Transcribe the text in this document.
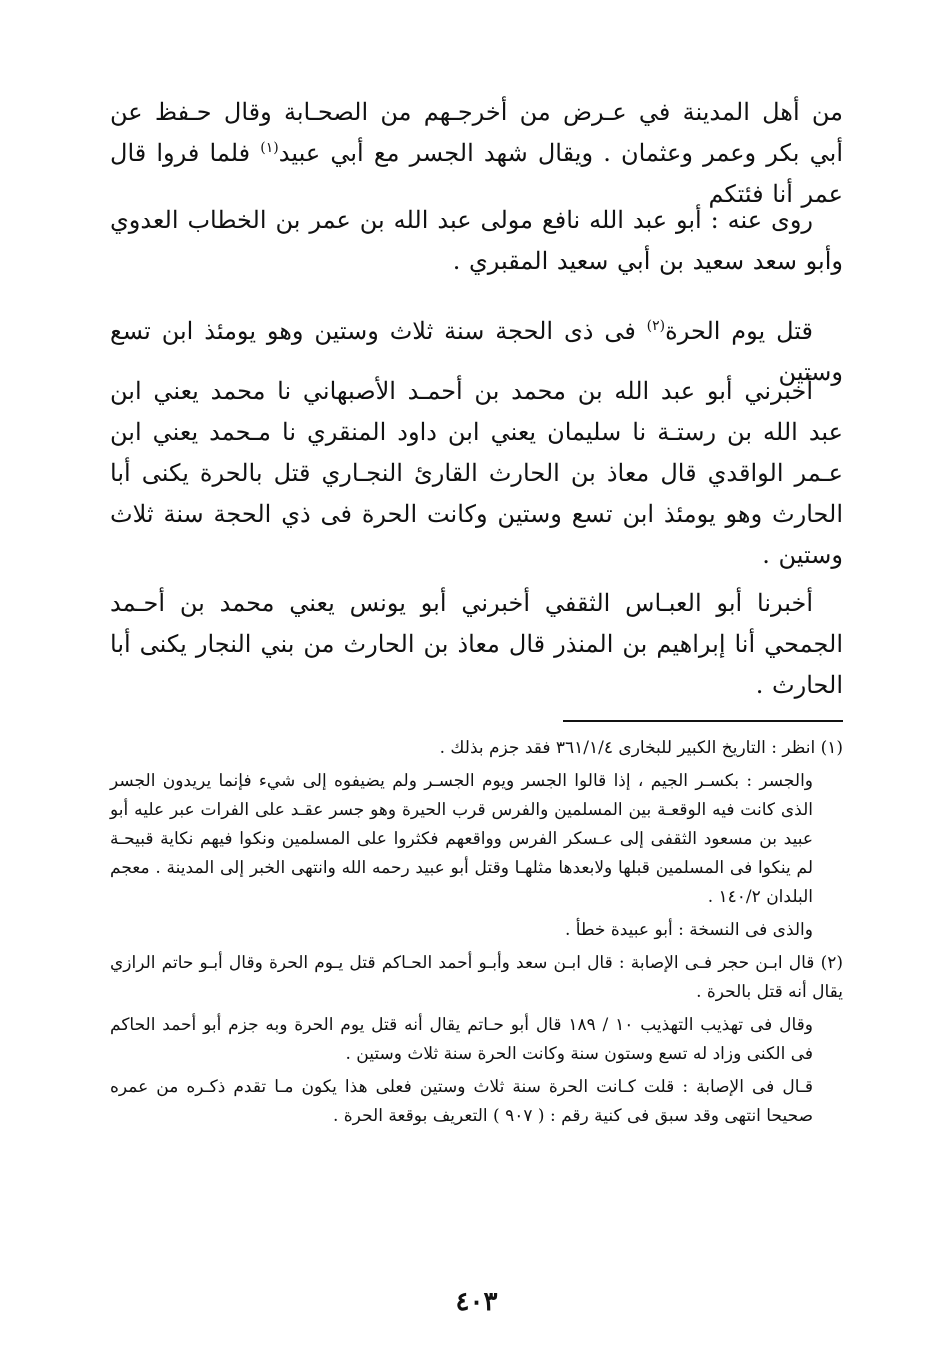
من أهل المدينة في عـرض من أخرجـهم من الصحـابة وقال حـفظ عن أبي بكر وعمر وعثمان . ويقال شهد الجسر مع أبي عبيد$^{(١)}$ فلما فروا قال عمر أنا فئتكم

روى عنه : أبو عبد الله نافع مولى عبد الله بن عمر بن الخطاب العدوي وأبو سعد سعيد بن أبي سعيد المقبري .

قتل يوم الحرة$^{(٢)}$ فى ذى الحجة سنة ثلاث وستين وهو يومئذ ابن تسع وستين

أخبرني أبو عبد الله بن محمد بن أحمـد الأصبهاني نا محمد يعني ابن عبد الله بن رستـة نا سليمان يعني ابن داود المنقري نا مـحمد يعني ابن عـمر الواقدي قال معاذ بن الحارث القارئ النجـاري قتل بالحرة يكنى أبا الحارث وهو يومئذ ابن تسع وستين وكانت الحرة فى ذي الحجة سنة ثلاث وستين .

أخبرنا أبو العبـاس الثقفي أخبرني أبو يونس يعني محمد بن أحـمد الجمحي أنا إبراهيم بن المنذر قال معاذ بن الحارث من بني النجار يكنى أبا الحارث .

(١) انظر : التاريخ الكبير للبخارى ٣٦١/١/٤ فقد جزم بذلك .

والجسر : بكسـر الجيم ، إذا قالوا الجسر ويوم الجسـر ولم يضيفوه إلى شيء فإنما يريدون الجسر الذى كانت فيه الوقعـة بين المسلمين والفرس قرب الحيرة وهو جسر عقـد على الفرات عبر عليه أبو عبيد بن مسعود الثقفى إلى عـسكر الفرس وواقعهم فكثروا على المسلمين ونكوا فيهم نكاية قبيحـة لم ينكوا فى المسلمين قبلها ولابعدها مثلهـا وقتل أبو عبيد رحمه الله وانتهى الخبر إلى المدينة . معجم البلدان ١٤٠/٢ .

والذى فى النسخة : أبو عبيدة خطأ .

(٢) قال ابـن حجر فـى الإصابة : قال ابـن سعد وأبـو أحمد الحـاكم قتل يـوم الحرة وقال أبـو حاتم الرازي يقال أنه قتل بالحرة .

وقال فى تهذيب التهذيب ١٠ / ١٨٩ قال أبو حـاتم يقال أنه قتل يوم الحرة وبه جزم أبو أحمد الحاكم فى الكنى وزاد له تسع وستون سنة وكانت الحرة سنة ثلاث وستين .

قـال فى الإصابة : قلت كـانت الحرة سنة ثلاث وستين فعلى هذا يكون مـا تقدم ذكـره من عمره صحيحا انتهى وقد سبق فى كنية رقم : ( ٩٠٧ ) التعريف بوقعة الحرة .

٤٠٣
